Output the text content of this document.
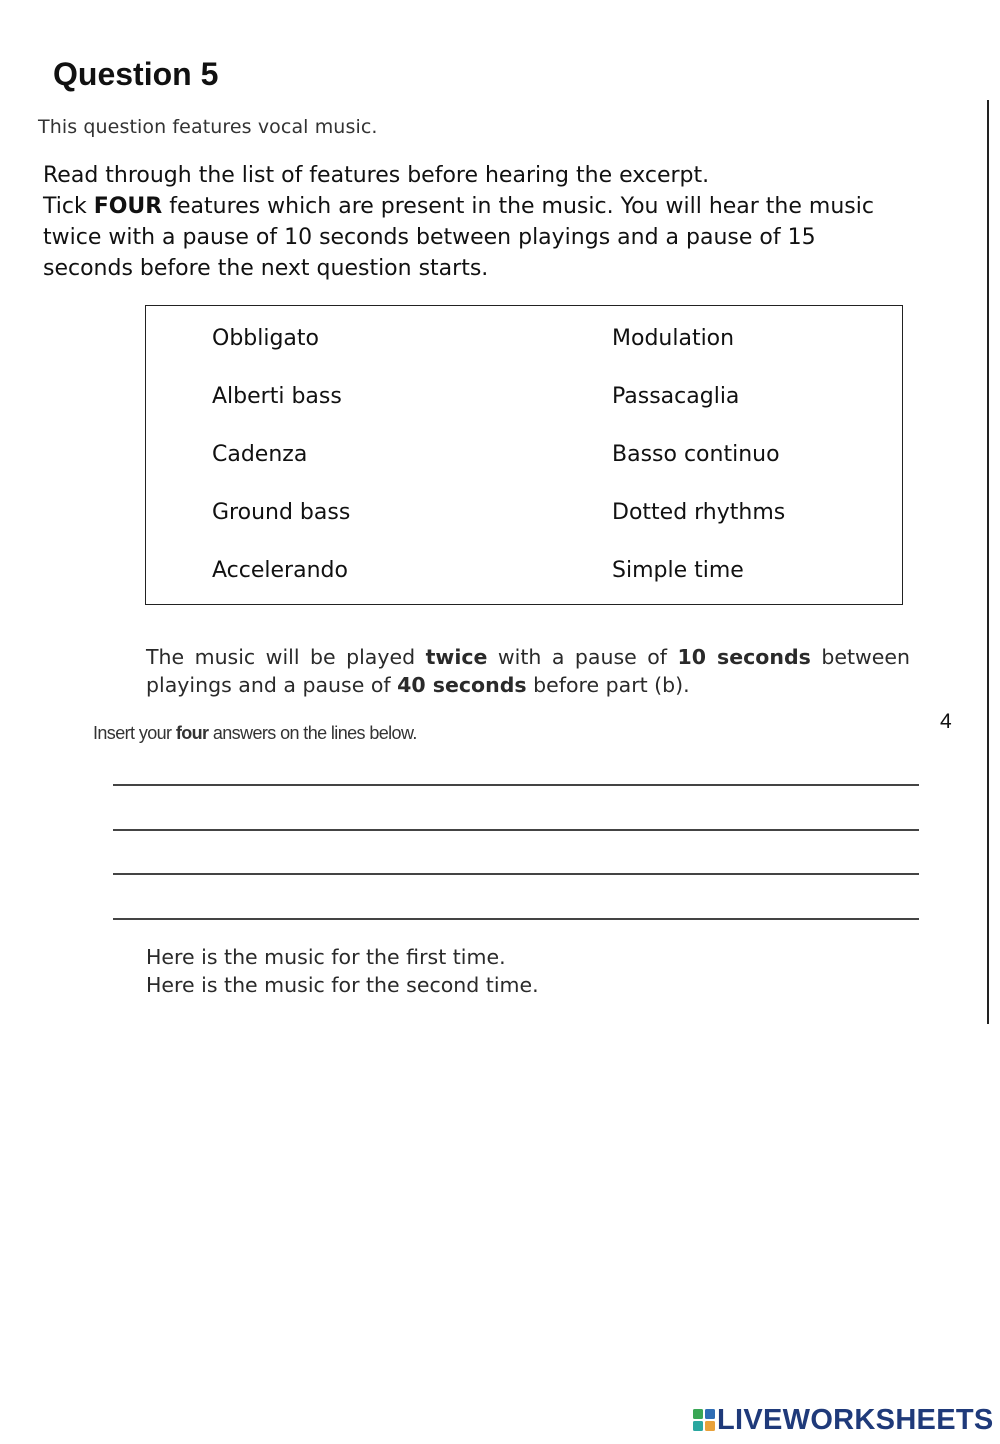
Question 5
This question features vocal music.
Read through the list of features before hearing the excerpt.
Tick FOUR features which are present in the music. You will hear the music
twice with a pause of 10 seconds between playings and a pause of 15
seconds before the next question starts.
Obbligato
Alberti bass
Cadenza
Ground bass
Accelerando
Modulation
Passacaglia
Basso continuo
Dotted rhythms
Simple time
The music will be played twice with a pause of 10 seconds between
playings and a pause of 40 seconds before part (b).
4
Insert your four answers on the lines below.
Here is the music for the first time.
Here is the music for the second time.
LIVEWORKSHEETS
